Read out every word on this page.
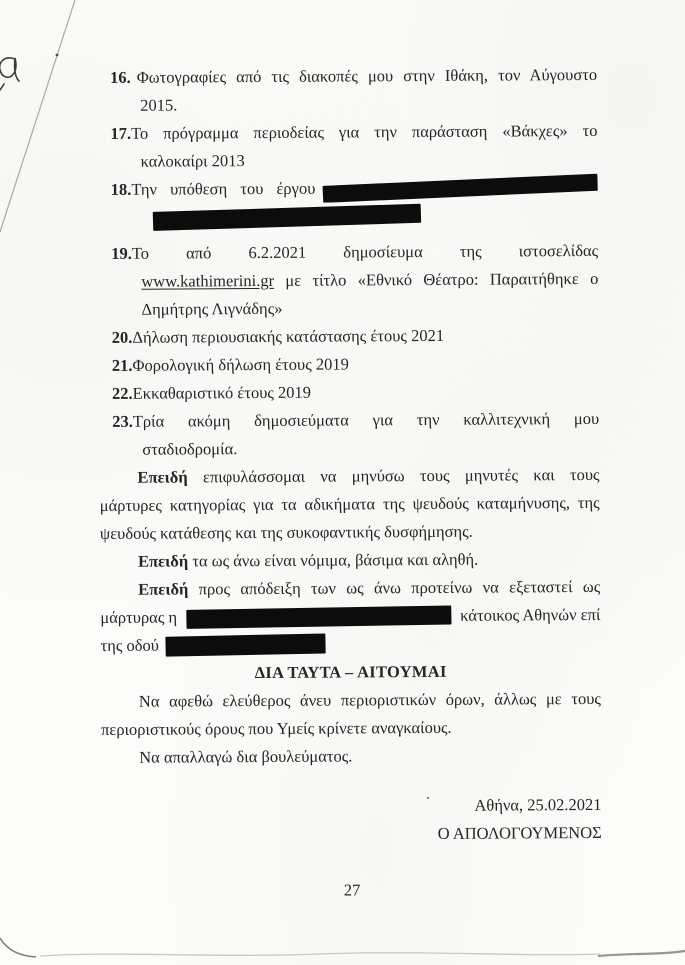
16. Φωτογραφίες από τις διακοπές μου στην Ιθάκη, τον Αύγουστο
2015.
17.Το πρόγραμμα περιοδείας για την παράσταση «Βάκχες» το
καλοκαίρι 2013
18.Την υπόθεση του έργου
19.Το από 6.2.2021 δημοσίευμα της ιστοσελίδας
www.kathimerini.gr με τίτλο «Εθνικό Θέατρο: Παραιτήθηκε ο
Δημήτρης Λιγνάδης»
20.Δήλωση περιουσιακής κατάστασης έτους 2021
21.Φορολογική δήλωση έτους 2019
22.Εκκαθαριστικό έτους 2019
23.Τρία ακόμη δημοσιεύματα για την καλλιτεχνική μου
σταδιοδρομία.
Επειδή επιφυλάσσομαι να μηνύσω τους μηνυτές και τους
μάρτυρες κατηγορίας για τα αδικήματα της ψευδούς καταμήνυσης, της
ψευδούς κατάθεσης και της συκοφαντικής δυσφήμησης.
Επειδή τα ως άνω είναι νόμιμα, βάσιμα και αληθή.
Επειδή προς απόδειξη των ως άνω προτείνω να εξεταστεί ως
μάρτυρας η	κάτοικος Αθηνών επί
της οδού
ΔΙΑ ΤΑΥΤΑ – ΑΙΤΟΥΜΑΙ
Να αφεθώ ελεύθερος άνευ περιοριστικών όρων, άλλως με τους
περιοριστικούς όρους που Υμείς κρίνετε αναγκαίους.
Να απαλλαγώ δια βουλεύματος.
Αθήνα, 25.02.2021
Ο ΑΠΟΛΟΓΟΥΜΕΝΟΣ
27
